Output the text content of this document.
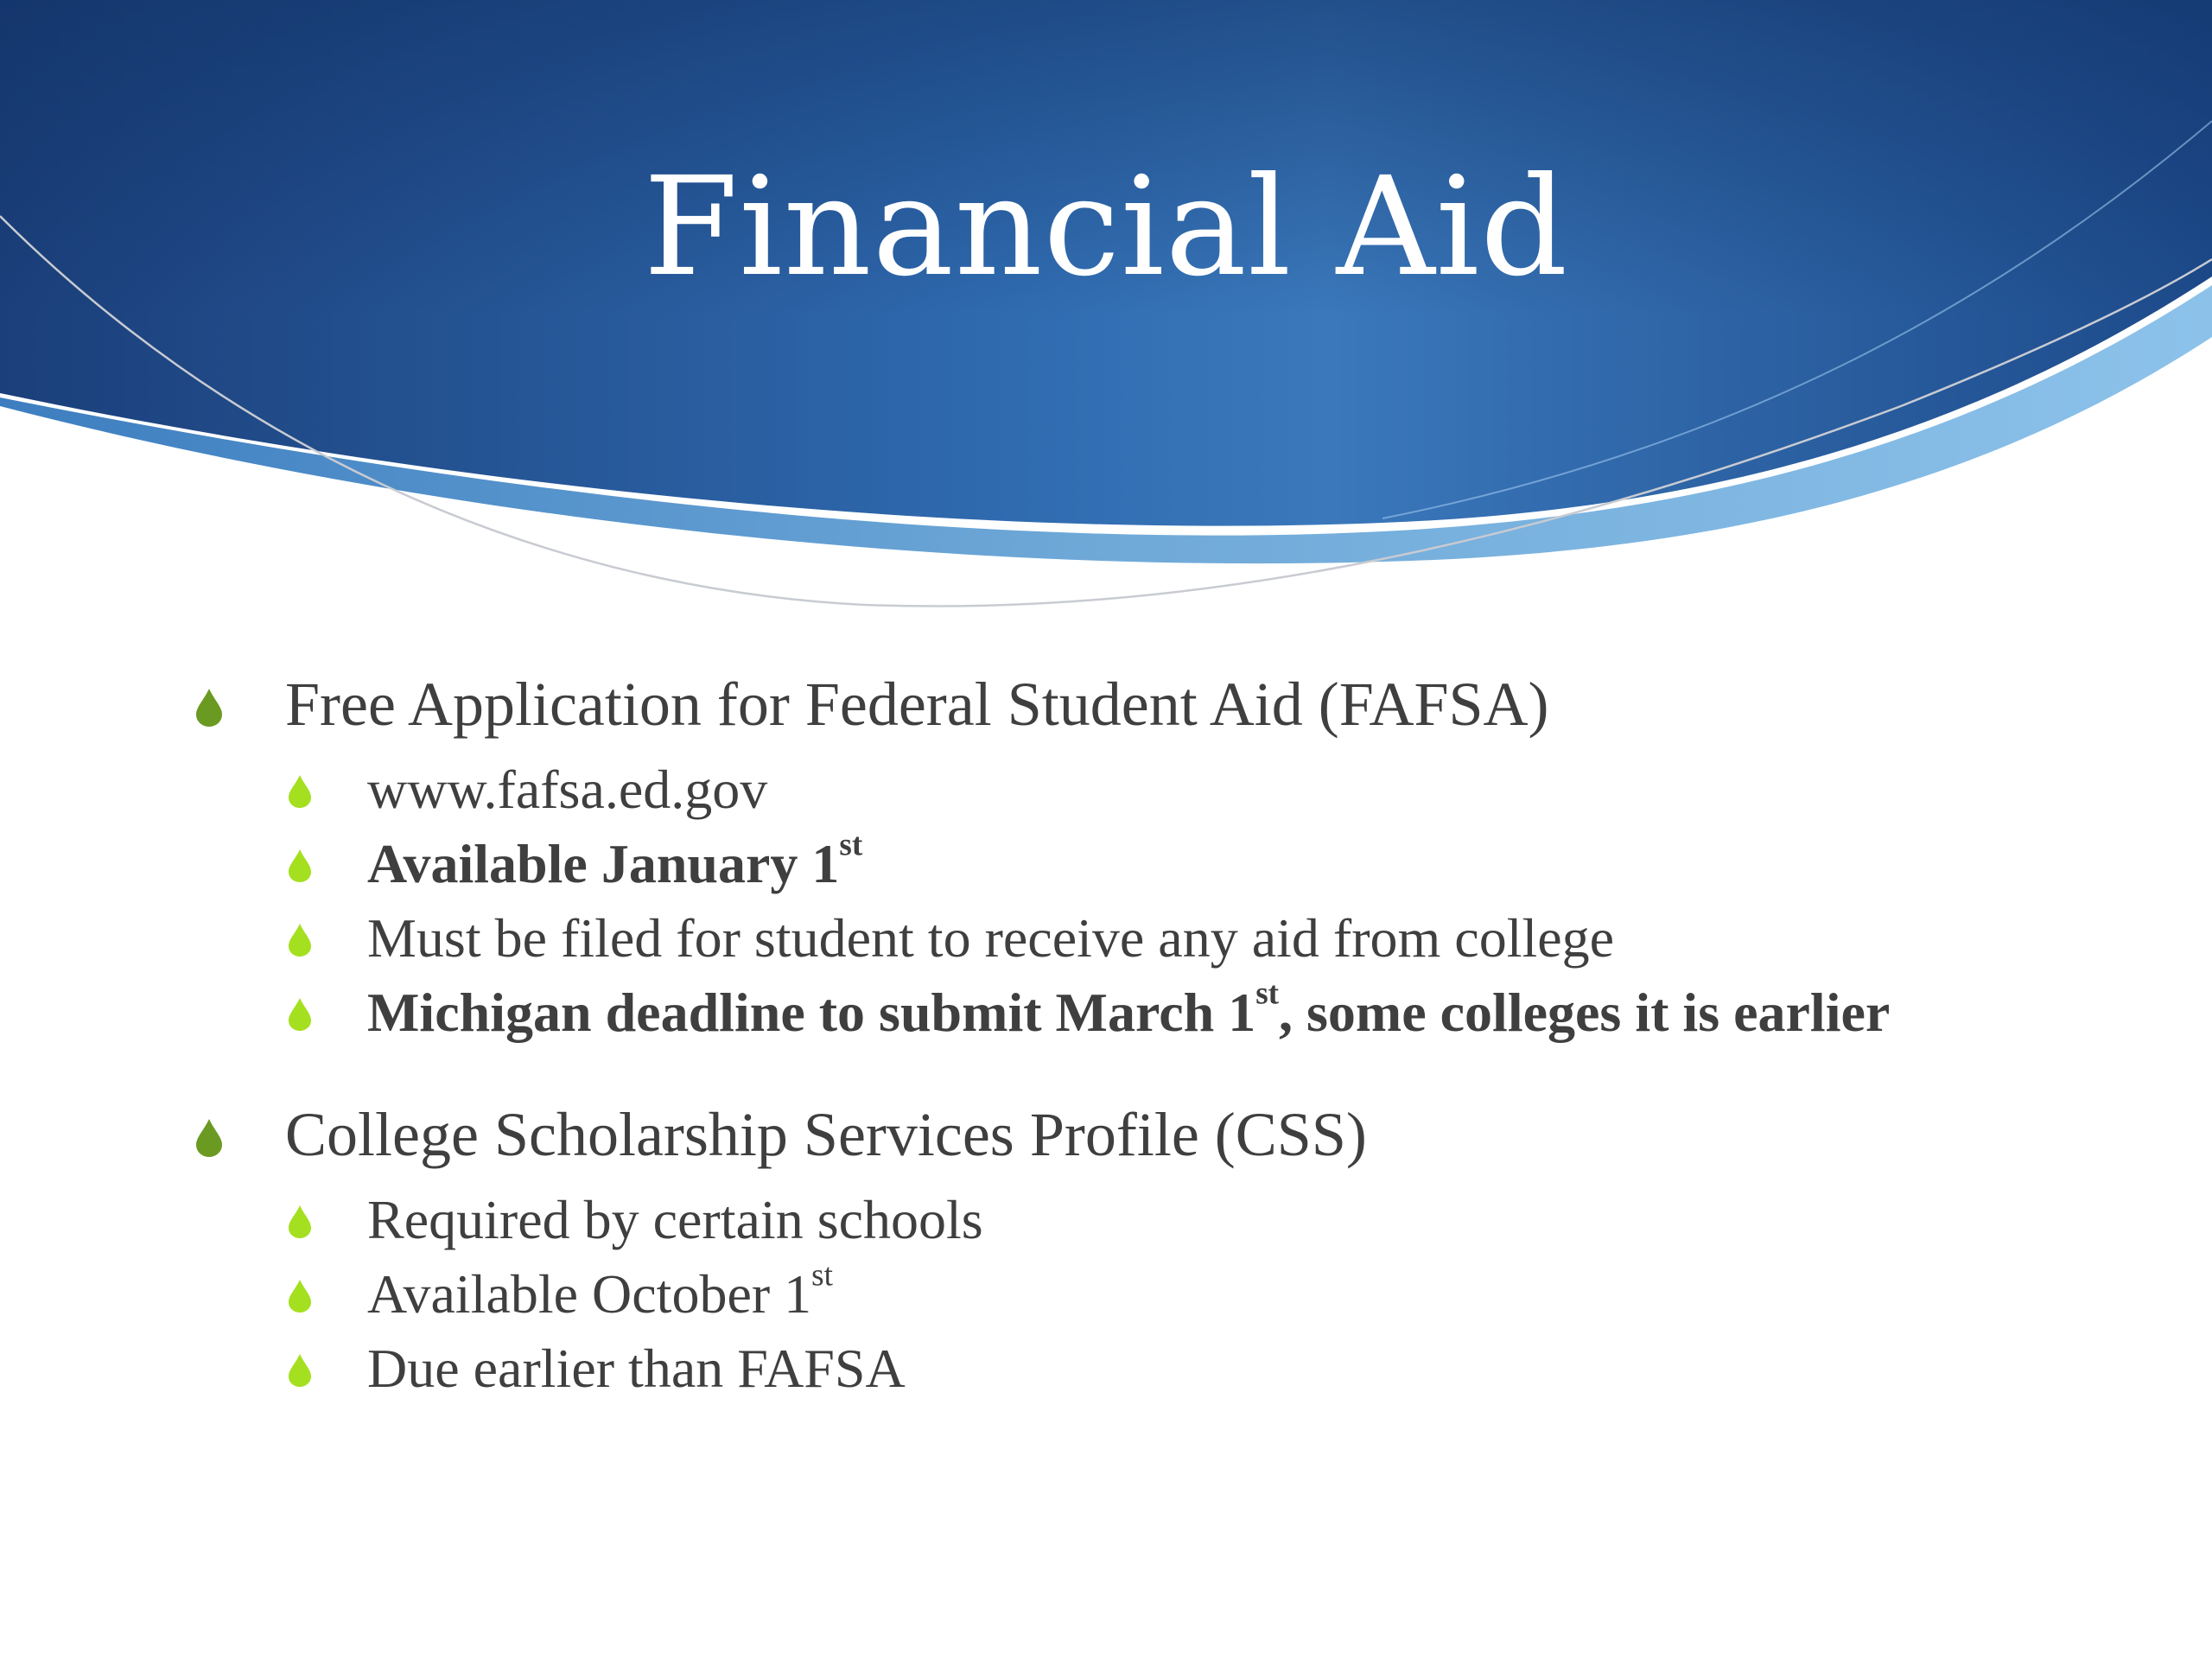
Financial Aid
Free Application for Federal Student Aid (FAFSA)
www.fafsa.ed.gov
Available January 1st
Must be filed for student to receive any aid from college
Michigan deadline to submit March 1st, some colleges it is earlier
College Scholarship Services Profile (CSS)
Required by certain schools
Available October 1st
Due earlier than FAFSA
